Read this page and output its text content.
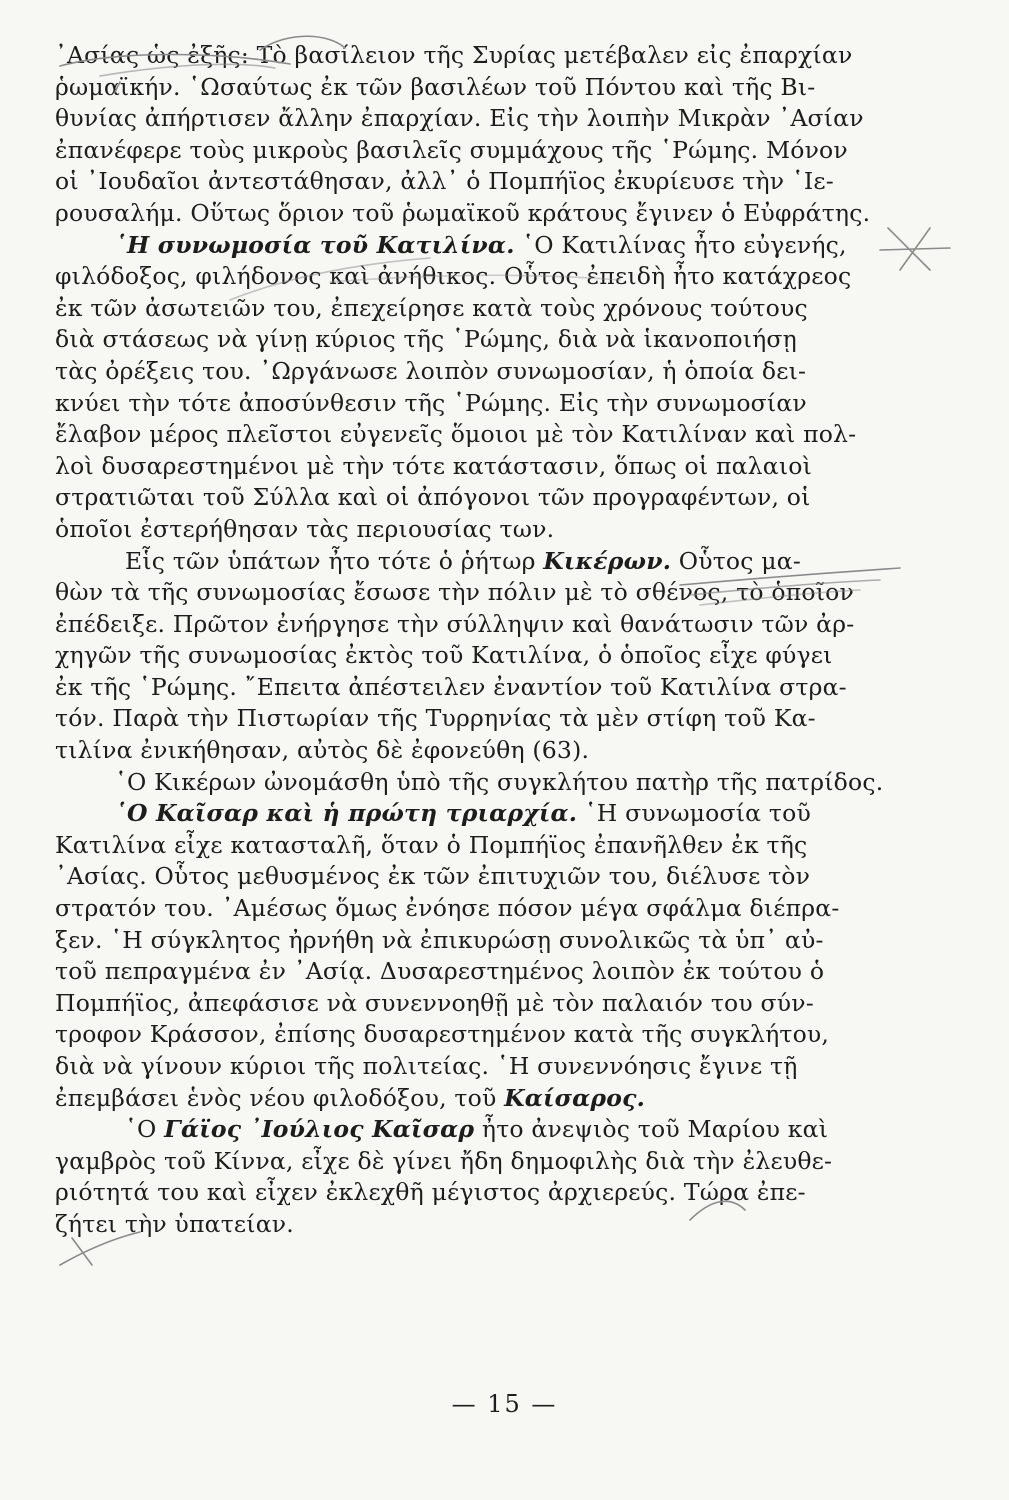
᾽Ασίας ὡς ἐξῆς: Τὸ βασίλειον τῆς Συρίας μετέβαλεν εἰς ἐπαρχίαν
ῥωμαϊκήν. ῾Ωσαύτως ἐκ τῶν βασιλέων τοῦ Πόντου καὶ τῆς Βι-
θυνίας ἀπήρτισεν ἄλλην ἐπαρχίαν. Εἰς τὴν λοιπὴν Μικρὰν ᾽Ασίαν
ἐπανέφερε τοὺς μικροὺς βασιλεῖς συμμάχους τῆς ῾Ρώμης. Μόνον
οἱ ᾽Ιουδαῖοι ἀντεστάθησαν, ἀλλ᾽ ὁ Πομπήϊος ἐκυρίευσε τὴν ῾Ιε-
ρουσαλήμ. Οὕτως ὅριον τοῦ ῥωμαϊκοῦ κράτους ἔγινεν ὁ Εὐφράτης.
῾Η συνωμοσία τοῦ Κατιλίνα. ῾Ο Κατιλίνας ἦτο εὐγενής,
φιλόδοξος, φιλήδονος καὶ ἀνήθικος. Οὗτος ἐπειδὴ ἦτο κατάχρεος
ἐκ τῶν ἀσωτειῶν του, ἐπεχείρησε κατὰ τοὺς χρόνους τούτους
διὰ στάσεως νὰ γίνῃ κύριος τῆς ῾Ρώμης, διὰ νὰ ἱκανοποιήσῃ
τὰς ὀρέξεις του. ᾽Ωργάνωσε λοιπὸν συνωμοσίαν, ἡ ὁποία δει-
κνύει τὴν τότε ἀποσύνθεσιν τῆς ῾Ρώμης. Εἰς τὴν συνωμοσίαν
ἔλαβον μέρος πλεῖστοι εὐγενεῖς ὅμοιοι μὲ τὸν Κατιλίναν καὶ πολ-
λοὶ δυσαρεστημένοι μὲ τὴν τότε κατάστασιν, ὅπως οἱ παλαιοὶ
στρατιῶται τοῦ Σύλλα καὶ οἱ ἀπόγονοι τῶν προγραφέντων, οἱ
ὁποῖοι ἐστερήθησαν τὰς περιουσίας των.
Εἷς τῶν ὑπάτων ἦτο τότε ὁ ῥήτωρ Κικέρων. Οὗτος μα-
θὼν τὰ τῆς συνωμοσίας ἔσωσε τὴν πόλιν μὲ τὸ σθένος, τὸ ὁποῖον
ἐπέδειξε. Πρῶτον ἐνήργησε τὴν σύλληψιν καὶ θανάτωσιν τῶν ἀρ-
χηγῶν τῆς συνωμοσίας ἐκτὸς τοῦ Κατιλίνα, ὁ ὁποῖος εἶχε φύγει
ἐκ τῆς ῾Ρώμης. ῎Επειτα ἀπέστειλεν ἐναντίον τοῦ Κατιλίνα στρα-
τόν. Παρὰ τὴν Πιστωρίαν τῆς Τυρρηνίας τὰ μὲν στίφη τοῦ Κα-
τιλίνα ἐνικήθησαν, αὐτὸς δὲ ἐφονεύθη (63).
῾Ο Κικέρων ὠνομάσθη ὑπὸ τῆς συγκλήτου πατὴρ τῆς πατρίδος.
῾Ο Καῖσαρ καὶ ἡ πρώτη τριαρχία. ῾Η συνωμοσία τοῦ
Κατιλίνα εἶχε κατασταλῆ, ὅταν ὁ Πομπήϊος ἐπανῆλθεν ἐκ τῆς
᾽Ασίας. Οὗτος μεθυσμένος ἐκ τῶν ἐπιτυχιῶν του, διέλυσε τὸν
στρατόν του. ᾽Αμέσως ὅμως ἐνόησε πόσον μέγα σφάλμα διέπρα-
ξεν. ῾Η σύγκλητος ἠρνήθη νὰ ἐπικυρώσῃ συνολικῶς τὰ ὑπ᾽ αὐ-
τοῦ πεπραγμένα ἐν ᾽Ασίᾳ. Δυσαρεστημένος λοιπὸν ἐκ τούτου ὁ
Πομπήϊος, ἀπεφάσισε νὰ συνεννοηθῇ μὲ τὸν παλαιόν του σύν-
τροφον Κράσσον, ἐπίσης δυσαρεστημένον κατὰ τῆς συγκλήτου,
διὰ νὰ γίνουν κύριοι τῆς πολιτείας. ῾Η συνεννόησις ἔγινε τῇ
ἐπεμβάσει ἑνὸς νέου φιλοδόξου, τοῦ Καίσαρος.
῾Ο Γάϊος ᾽Ιούλιος Καῖσαρ ἦτο ἀνεψιὸς τοῦ Μαρίου καὶ
γαμβρὸς τοῦ Κίννα, εἶχε δὲ γίνει ἤδη δημοφιλὴς διὰ τὴν ἐλευθε-
ριότητά του καὶ εἶχεν ἐκλεχθῆ μέγιστος ἀρχιερεύς. Τώρα ἐπε-
ζήτει τὴν ὑπατείαν.
— 15 —
